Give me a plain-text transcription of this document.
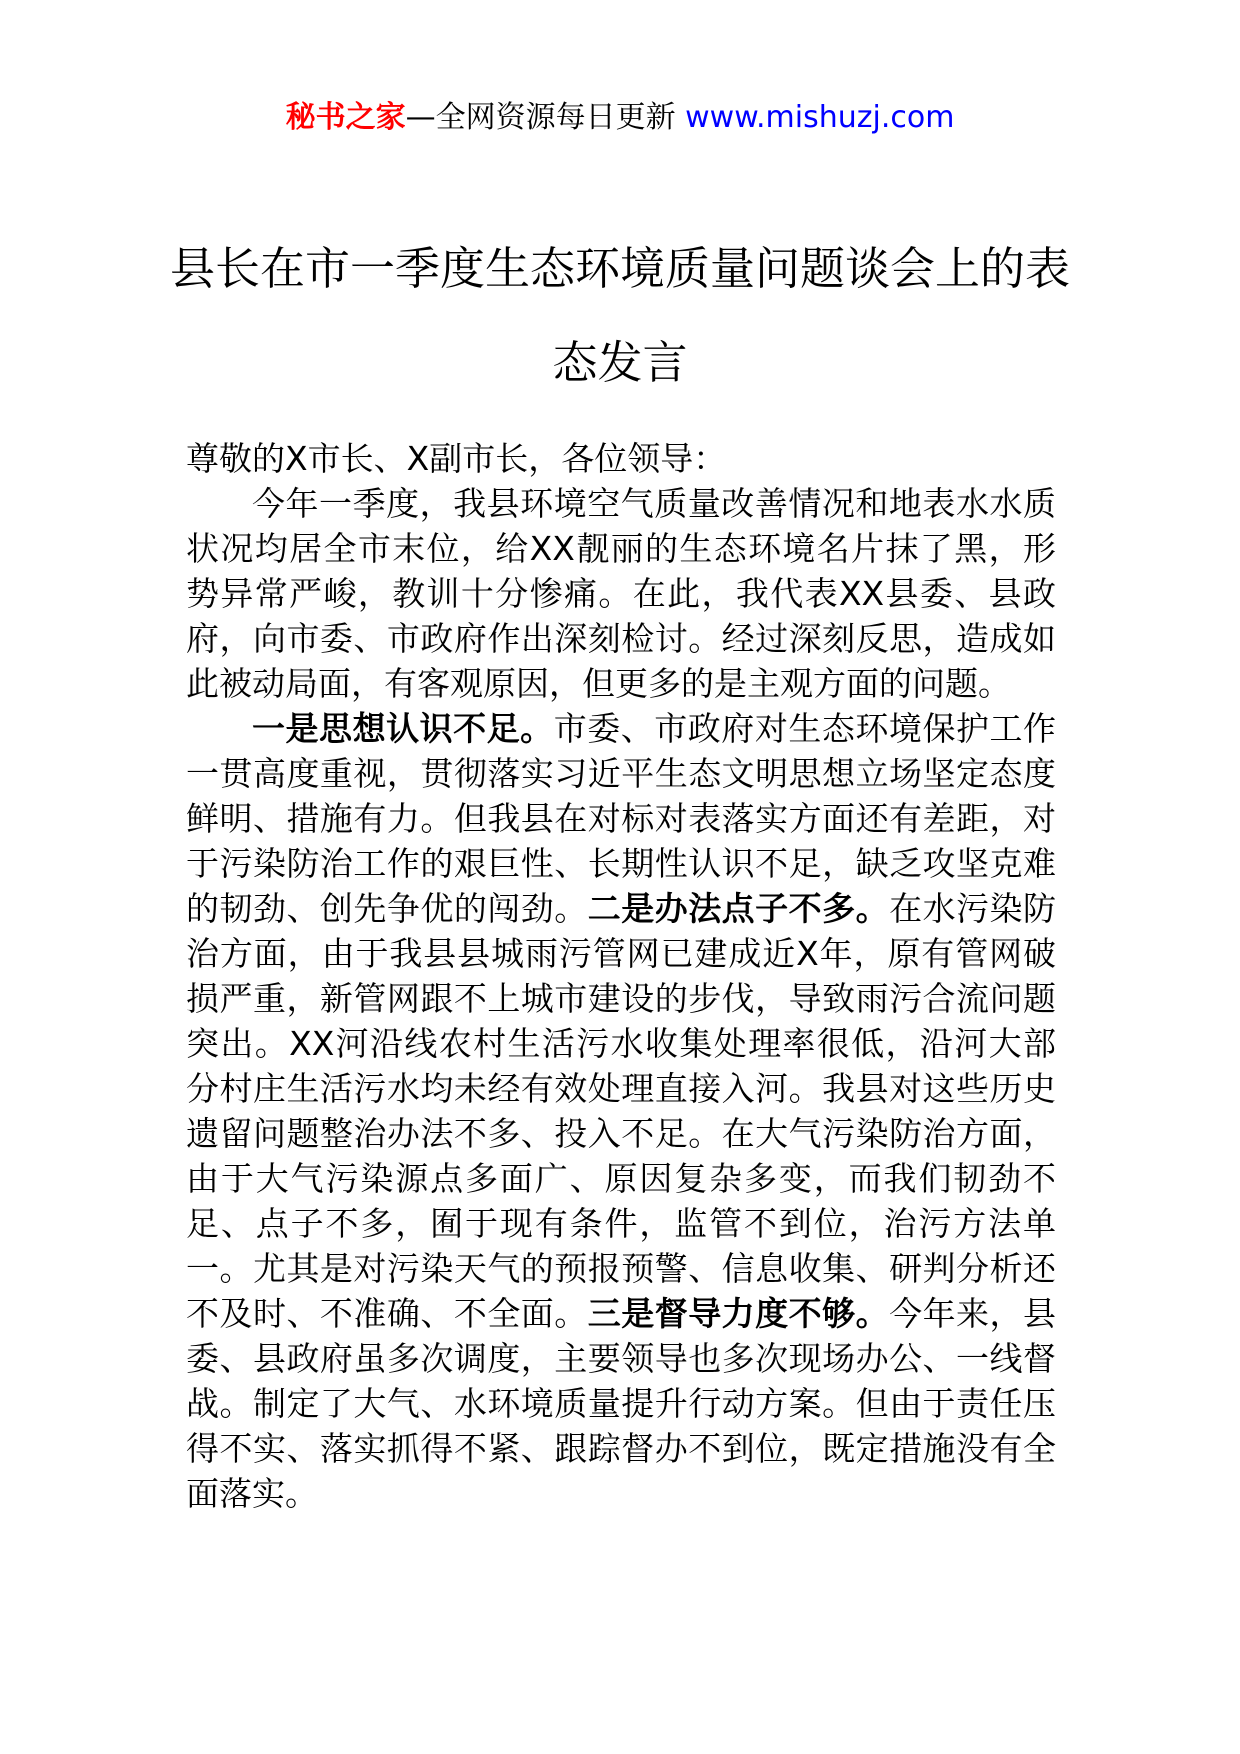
秘书之家—全网资源每日更新 www.mishuzj.com
县长在市一季度生态环境质量问题谈会上的表态发言

尊敬的X市长、X副市长，各位领导：

今年一季度，我县环境空气质量改善情况和地表水水质状况均居全市末位，给XX靓丽的生态环境名片抹了黑，形势异常严峻，教训十分惨痛。在此，我代表XX县委、县政府，向市委、市政府作出深刻检讨。经过深刻反思，造成如此被动局面，有客观原因，但更多的是主观方面的问题。

一是思想认识不足。市委、市政府对生态环境保护工作一贯高度重视，贯彻落实习近平生态文明思想立场坚定态度鲜明、措施有力。但我县在对标对表落实方面还有差距，对于污染防治工作的艰巨性、长期性认识不足，缺乏攻坚克难的韧劲、创先争优的闯劲。二是办法点子不多。在水污染防治方面，由于我县县城雨污管网已建成近X年，原有管网破损严重，新管网跟不上城市建设的步伐，导致雨污合流问题突出。XX河沿线农村生活污水收集处理率很低，沿河大部分村庄生活污水均未经有效处理直接入河。我县对这些历史遗留问题整治办法不多、投入不足。在大气污染防治方面，由于大气污染源点多面广、原因复杂多变，而我们韧劲不足、点子不多，囿于现有条件，监管不到位，治污方法单一。尤其是对污染天气的预报预警、信息收集、研判分析还不及时、不准确、不全面。三是督导力度不够。今年来，县委、县政府虽多次调度，主要领导也多次现场办公、一线督战。制定了大气、水环境质量提升行动方案。但由于责任压得不实、落实抓得不紧、跟踪督办不到位，既定措施没有全面落实。
